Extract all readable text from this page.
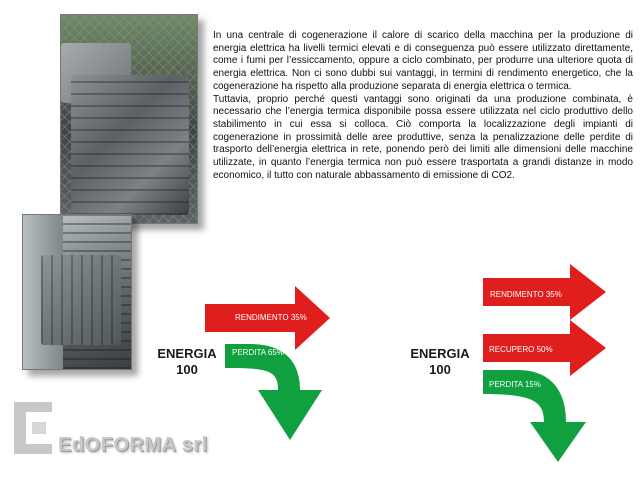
In una centrale di cogenerazione il calore di scarico della macchina per la produzione di energia elettrica ha livelli termici elevati e di conseguenza può essere utilizzato direttamente, come i fumi per l’essiccamento, oppure a ciclo combinato, per produrre una ulteriore quota di energia elettrica. Non ci sono dubbi sui vantaggi, in termini di rendimento energetico, che la cogenerazione ha rispetto alla produzione separata di energia elettrica o termica.

Tuttavia, proprio perché questi vantaggi sono originati da una produzione combinata, è necessario che l’energia termica disponibile possa essere utilizzata nel ciclo produttivo dello stabilimento in cui essa si colloca. Ciò comporta la localizzazione degli impianti di cogenerazione in prossimità delle aree produttive, senza la penalizzazione delle perdite di trasporto dell’energia elettrica in rete, ponendo però dei limiti alle dimensioni delle macchine utilizzate, in quanto l’energia termica non può essere trasportata a grandi distanze in modo economico, il tutto con naturale abbassamento di emissione di CO2.

ENERGIA
100
RENDIMENTO 35%
PERDITA 65%	ENERGIA
100
RENDIMENTO 35%
RECUPERO 50%
PERDITA 15%
EdOFORMA srl
